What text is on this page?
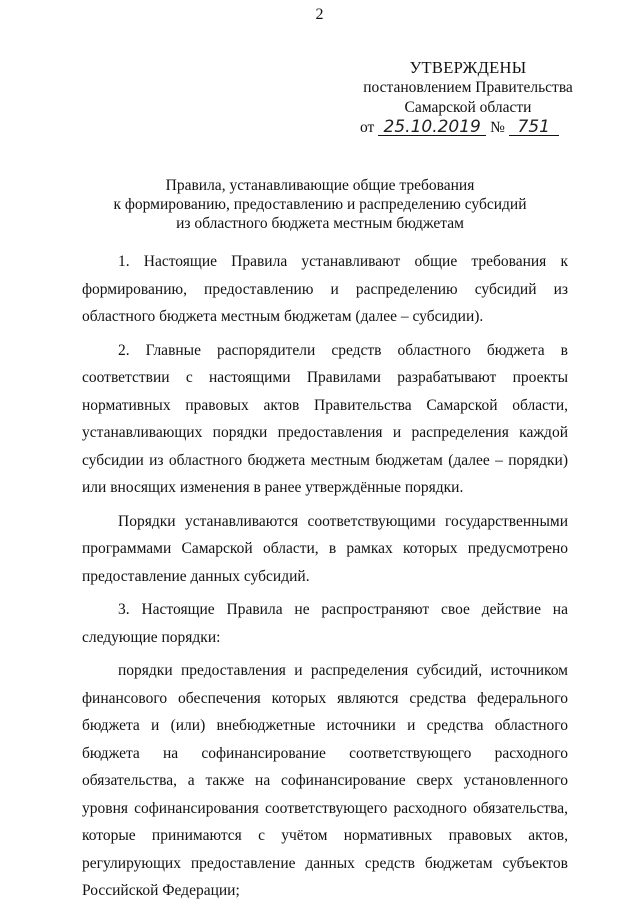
2
УТВЕРЖДЕНЫ
постановлением Правительства
Самарской области
от 25.10.2019 № 751
Правила, устанавливающие общие требования
к формированию, предоставлению и распределению субсидий
из областного бюджета местным бюджетам

1. Настоящие Правила устанавливают общие требования к формированию, предоставлению и распределению субсидий из областного бюджета местным бюджетам (далее – субсидии).

2. Главные распорядители средств областного бюджета в соответствии с настоящими Правилами разрабатывают проекты нормативных правовых актов Правительства Самарской области, устанавливающих порядки предоставления и распределения каждой субсидии из областного бюджета местным бюджетам (далее – порядки) или вносящих изменения в ранее утверждённые порядки.

Порядки устанавливаются соответствующими государственными программами Самарской области, в рамках которых предусмотрено предоставление данных субсидий.

3. Настоящие Правила не распространяют свое действие на следующие порядки:

порядки предоставления и распределения субсидий, источником финансового обеспечения которых являются средства федерального бюджета и (или) внебюджетные источники и средства областного бюджета на софинансирование соответствующего расходного обязательства, а также на софинансирование сверх установленного уровня софинансирования соответствующего расходного обязательства, которые принимаются с учётом нормативных правовых актов, регулирующих предоставление данных средств бюджетам субъектов Российской Федерации;
